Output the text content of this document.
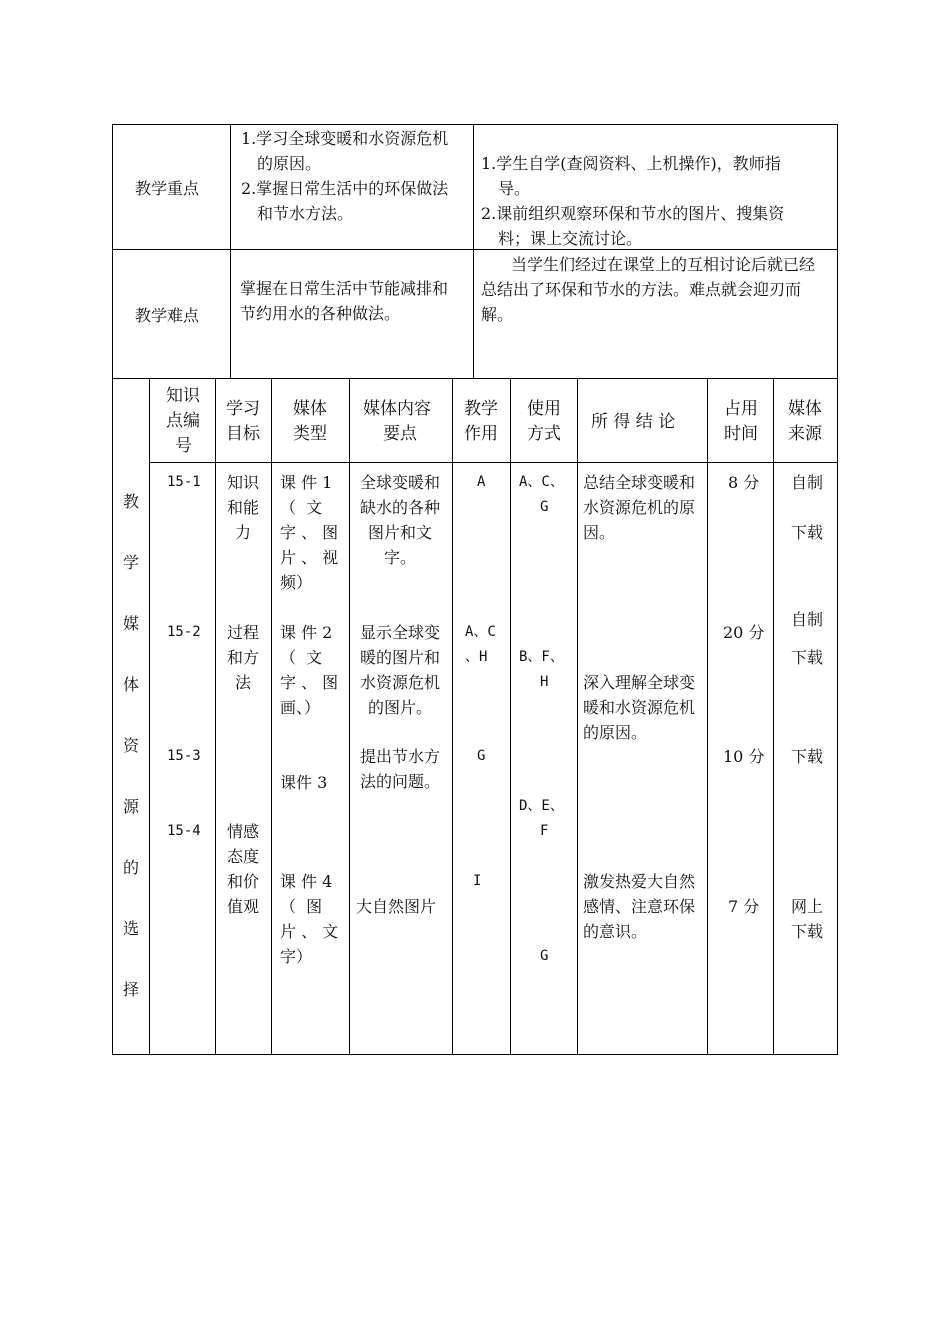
教学重点
1.学习全球变暖和水资源危机
的原因。
2.掌握日常生活中的环保做法
和节水方法。
1.学生自学(查阅资料、上机操作)，教师指
导。
2.课前组织观察环保和节水的图片、搜集资
料；课上交流讨论。
教学难点
掌握在日常生活中节能减排和
节约用水的各种做法。
当学生们经过在课堂上的互相讨论后就已经
总结出了环保和节水的方法。难点就会迎刃而
解。
教
学
媒
体
资
源
的
选
择
知识
点编
号
学习
目标
媒体
类型
媒体内容
要点
教学
作用
使用
方式
所 得 结 论
占用
时间
媒体
来源
15-1
15-2
15-3
15-4
知识
和能
力
过程
和方
法
情感
态度
和价
值观
课 件 1
（  文
字 、 图
片 、 视
频）
课 件 2
（  文
字 、 图
画、）
课件 3
课 件 4
（  图
片 、 文
字）
全球变暖和
缺水的各种
图片和文
字。
显示全球变
暖的图片和
水资源危机
的图片。
提出节水方
法的问题。
大自然图片
A
A、C
、H
G
I
A、C、
G
B、F、
H
D、E、
F
G
总结全球变暖和
水资源危机的原
因。
深入理解全球变
暖和水资源危机
的原因。
激发热爱大自然
感情、注意环保
的意识。
8 分
20 分
10 分
7 分
自制
下载
自制
下载
下载
网上
下载
